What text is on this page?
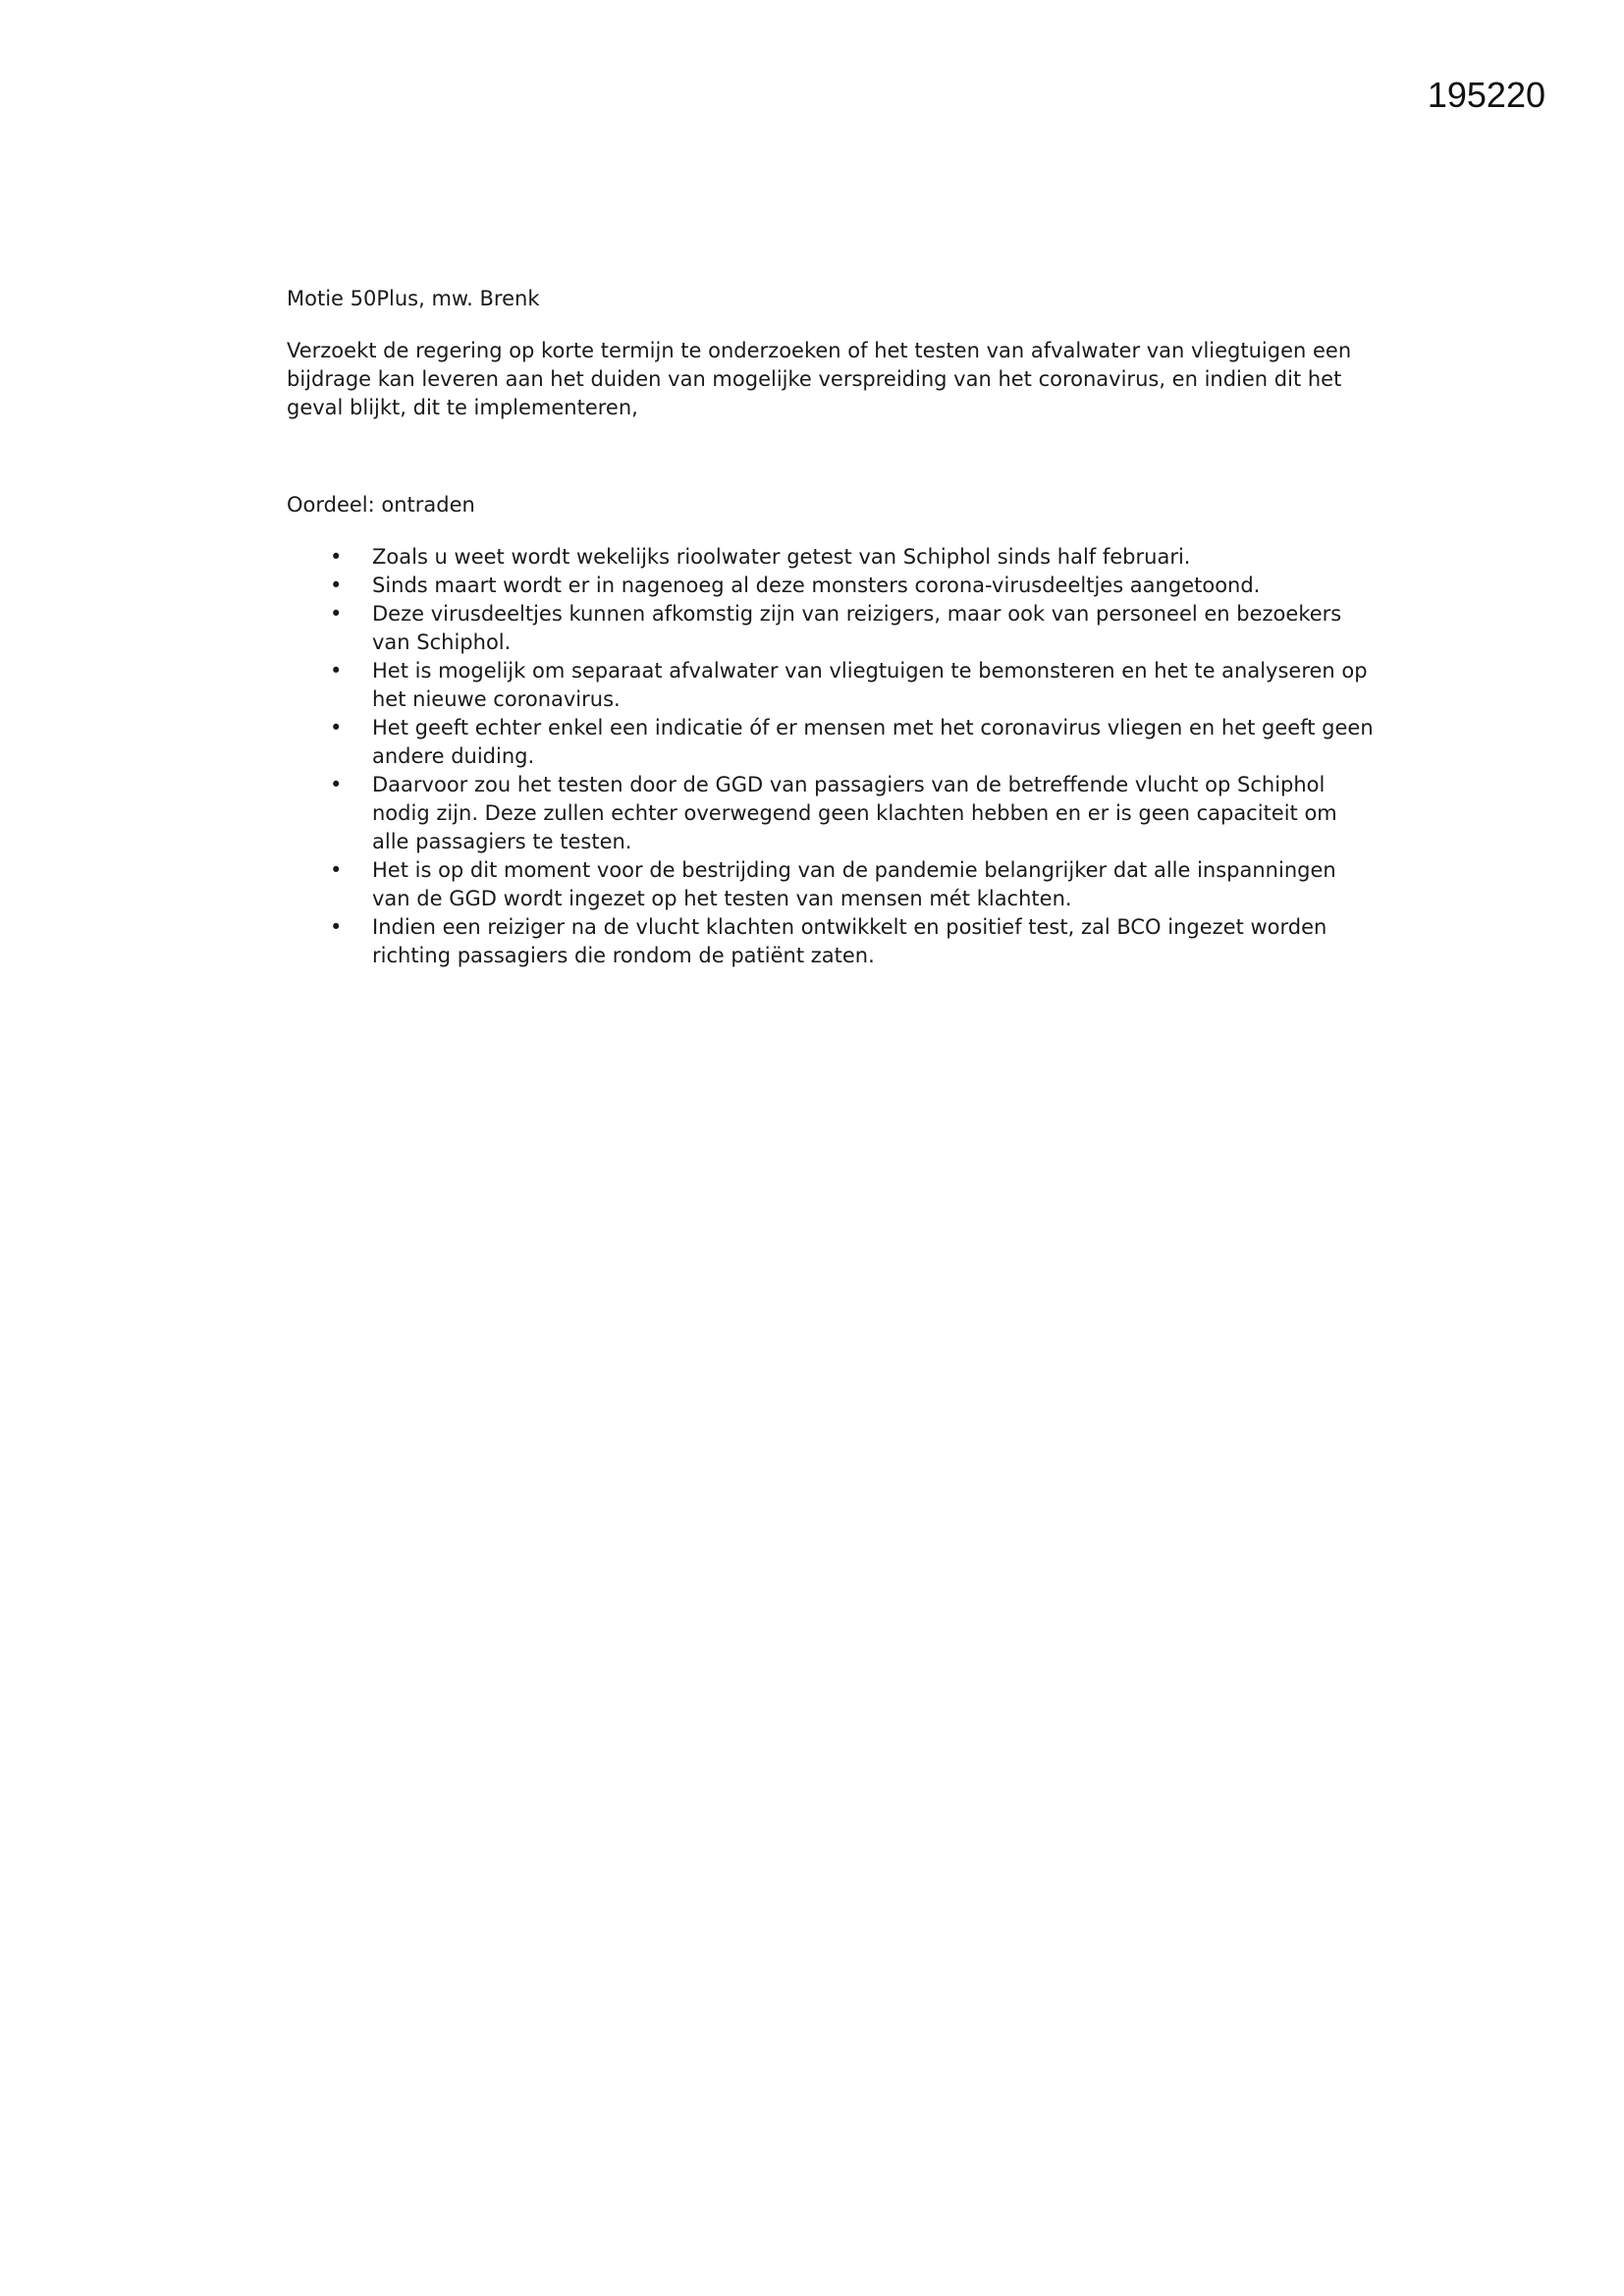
195220

Motie 50Plus, mw. Brenk

Verzoekt de regering op korte termijn te onderzoeken of het testen van afvalwater van vliegtuigen een bijdrage kan leveren aan het duiden van mogelijke verspreiding van het coronavirus, en indien dit het geval blijkt, dit te implementeren,

Oordeel: ontraden

• Zoals u weet wordt wekelijks rioolwater getest van Schiphol sinds half februari.
• Sinds maart wordt er in nagenoeg al deze monsters corona-virusdeeltjes aangetoond.
• Deze virusdeeltjes kunnen afkomstig zijn van reizigers, maar ook van personeel en bezoekers van Schiphol.
• Het is mogelijk om separaat afvalwater van vliegtuigen te bemonsteren en het te analyseren op het nieuwe coronavirus.
• Het geeft echter enkel een indicatie óf er mensen met het coronavirus vliegen en het geeft geen andere duiding.
• Daarvoor zou het testen door de GGD van passagiers van de betreffende vlucht op Schiphol nodig zijn. Deze zullen echter overwegend geen klachten hebben en er is geen capaciteit om alle passagiers te testen.
• Het is op dit moment voor de bestrijding van de pandemie belangrijker dat alle inspanningen van de GGD wordt ingezet op het testen van mensen mét klachten.
• Indien een reiziger na de vlucht klachten ontwikkelt en positief test, zal BCO ingezet worden richting passagiers die rondom de patiënt zaten.
